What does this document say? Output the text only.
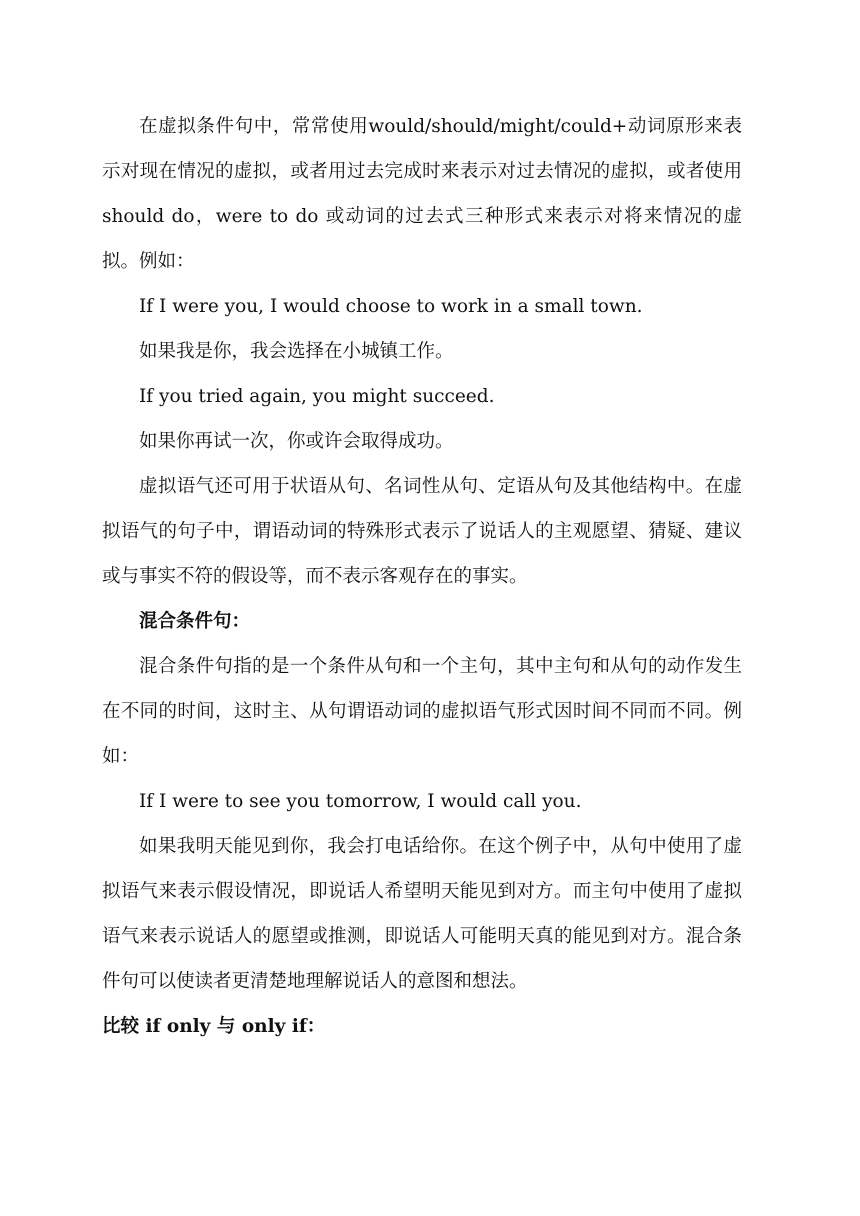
在虚拟条件句中，常常使用would/should/might/could+动词原形来表示对现在情况的虚拟，或者用过去完成时来表示对过去情况的虚拟，或者使用 should do，were to do 或动词的过去式三种形式来表示对将来情况的虚拟。例如：

If I were you, I would choose to work in a small town.

如果我是你，我会选择在小城镇工作。

If you tried again, you might succeed.

如果你再试一次，你或许会取得成功。

虚拟语气还可用于状语从句、名词性从句、定语从句及其他结构中。在虚拟语气的句子中，谓语动词的特殊形式表示了说话人的主观愿望、猜疑、建议或与事实不符的假设等，而不表示客观存在的事实。

混合条件句：

混合条件句指的是一个条件从句和一个主句，其中主句和从句的动作发生在不同的时间，这时主、从句谓语动词的虚拟语气形式因时间不同而不同。例如：

If I were to see you tomorrow, I would call you.

如果我明天能见到你，我会打电话给你。在这个例子中，从句中使用了虚拟语气来表示假设情况，即说话人希望明天能见到对方。而主句中使用了虚拟语气来表示说话人的愿望或推测，即说话人可能明天真的能见到对方。混合条件句可以使读者更清楚地理解说话人的意图和想法。

比较 if only 与 only if：
